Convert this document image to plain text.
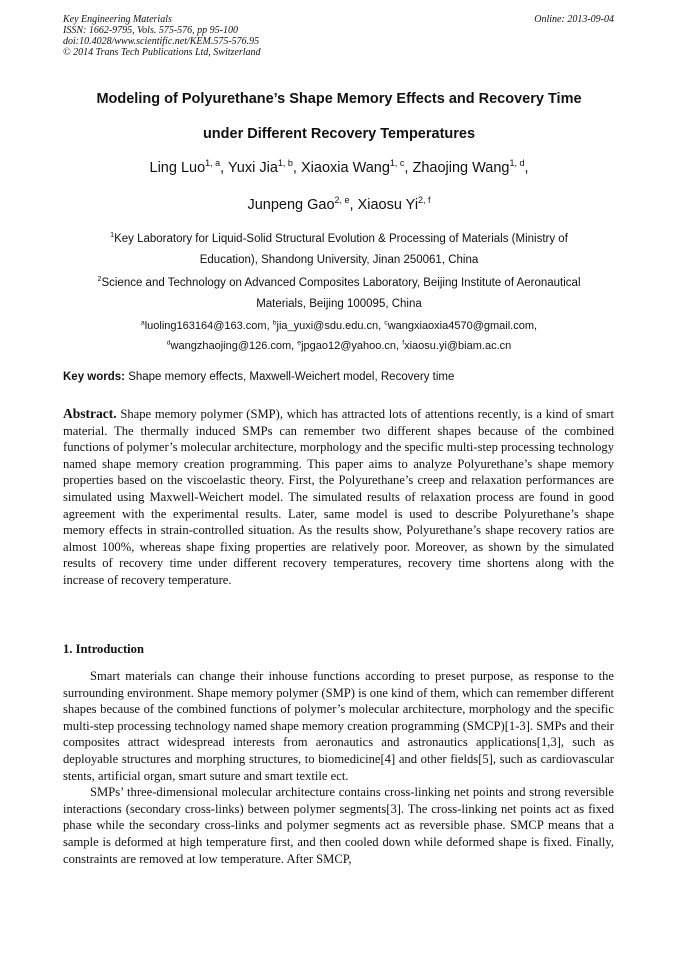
Key Engineering Materials
ISSN: 1662-9795, Vols. 575-576, pp 95-100
doi:10.4028/www.scientific.net/KEM.575-576.95
© 2014 Trans Tech Publications Ltd, Switzerland
Online: 2013-09-04
Modeling of Polyurethane’s Shape Memory Effects and Recovery Time
under Different Recovery Temperatures
Ling Luo$^{1, a}$, Yuxi Jia$^{1, b}$, Xiaoxia Wang$^{1, c}$, Zhaojing Wang$^{1, d}$,
Junpeng Gao$^{2, e}$, Xiaosu Yi$^{2, f}$
$^1$Key Laboratory for Liquid-Solid Structural Evolution & Processing of Materials (Ministry of Education), Shandong University, Jinan 250061, China
$^2$Science and Technology on Advanced Composites Laboratory, Beijing Institute of Aeronautical Materials, Beijing 100095, China
$^a$luoling163164@163.com, $^b$jia_yuxi@sdu.edu.cn, $^c$wangxiaoxia4570@gmail.com,
$^d$wangzhaojing@126.com, $^e$jpgao12@yahoo.cn, $^f$xiaosu.yi@biam.ac.cn
Key words: Shape memory effects, Maxwell-Weichert model, Recovery time
Abstract. Shape memory polymer (SMP), which has attracted lots of attentions recently, is a kind of smart material. The thermally induced SMPs can remember two different shapes because of the combined functions of polymer’s molecular architecture, morphology and the specific multi-step processing technology named shape memory creation programming. This paper aims to analyze Polyurethane’s shape memory properties based on the viscoelastic theory. First, the Polyurethane’s creep and relaxation performances are simulated using Maxwell-Weichert model. The simulated results of relaxation process are found in good agreement with the experimental results. Later, same model is used to describe Polyurethane’s shape memory effects in strain-controlled situation. As the results show, Polyurethane’s shape recovery ratios are almost 100%, whereas shape fixing properties are relatively poor. Moreover, as shown by the simulated results of recovery time under different recovery temperatures, recovery time shortens along with the increase of recovery temperature.
1. Introduction

Smart materials can change their inhouse functions according to preset purpose, as response to the surrounding environment. Shape memory polymer (SMP) is one kind of them, which can remember different shapes because of the combined functions of polymer’s molecular architecture, morphology and the specific multi-step processing technology named shape memory creation programming (SMCP)[1-3]. SMPs and their composites attract widespread interests from aeronautics and astronautics applications[1,3], such as deployable structures and morphing structures, to biomedicine[4] and other fields[5], such as cardiovascular stents, artificial organ, smart suture and smart textile ect.

SMPs’ three-dimensional molecular architecture contains cross-linking net points and strong reversible interactions (secondary cross-links) between polymer segments[3]. The cross-linking net points act as fixed phase while the secondary cross-links and polymer segments act as reversible phase. SMCP means that a sample is deformed at high temperature first, and then cooled down while deformed shape is fixed. Finally, constraints are removed at low temperature. After SMCP,
